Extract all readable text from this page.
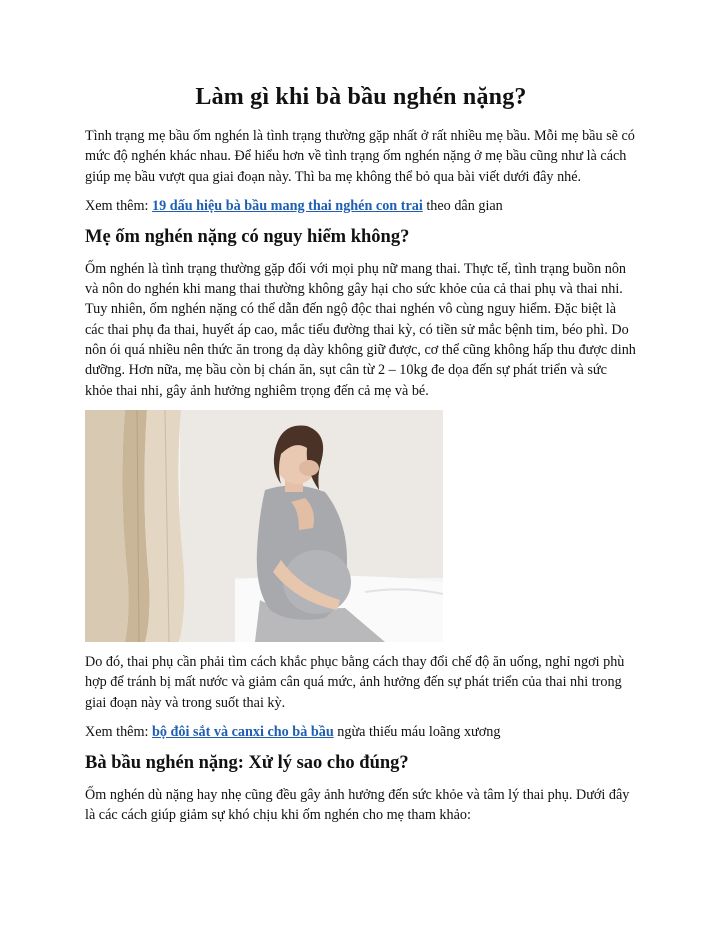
Làm gì khi bà bầu nghén nặng?

Tình trạng mẹ bầu ốm nghén là tình trạng thường gặp nhất ở rất nhiều mẹ bầu. Mỗi mẹ bầu sẽ có mức độ nghén khác nhau. Để hiểu hơn về tình trạng ốm nghén nặng ở mẹ bầu cũng như là cách giúp mẹ bầu vượt qua giai đoạn này. Thì ba mẹ không thể bỏ qua bài viết dưới đây nhé.

Xem thêm: 19 dấu hiệu bà bầu mang thai nghén con trai theo dân gian

Mẹ ốm nghén nặng có nguy hiểm không?

Ốm nghén là tình trạng thường gặp đối với mọi phụ nữ mang thai. Thực tế, tình trạng buồn nôn và nôn do nghén khi mang thai thường không gây hại cho sức khỏe của cả thai phụ và thai nhi. Tuy nhiên, ốm nghén nặng có thể dẫn đến ngộ độc thai nghén vô cùng nguy hiểm. Đặc biệt là các thai phụ đa thai, huyết áp cao, mắc tiểu đường thai kỳ, có tiền sử mắc bệnh tim, béo phì. Do nôn ói quá nhiều nên thức ăn trong dạ dày không giữ được, cơ thể cũng không hấp thu được dinh dưỡng. Hơn nữa, mẹ bầu còn bị chán ăn, sụt cân từ 2 – 10kg đe dọa đến sự phát triển và sức khỏe thai nhi, gây ảnh hưởng nghiêm trọng đến cả mẹ và bé.

Do đó, thai phụ cần phải tìm cách khắc phục bằng cách thay đổi chế độ ăn uống, nghỉ ngơi phù hợp để tránh bị mất nước và giảm cân quá mức, ảnh hưởng đến sự phát triển của thai nhi trong giai đoạn này và trong suốt thai kỳ.

Xem thêm: bộ đôi sắt và canxi cho bà bầu ngừa thiếu máu loãng xương

Bà bầu nghén nặng: Xử lý sao cho đúng?

Ốm nghén dù nặng hay nhẹ cũng đều gây ảnh hưởng đến sức khỏe và tâm lý thai phụ. Dưới đây là các cách giúp giảm sự khó chịu khi ốm nghén cho mẹ tham khảo:
